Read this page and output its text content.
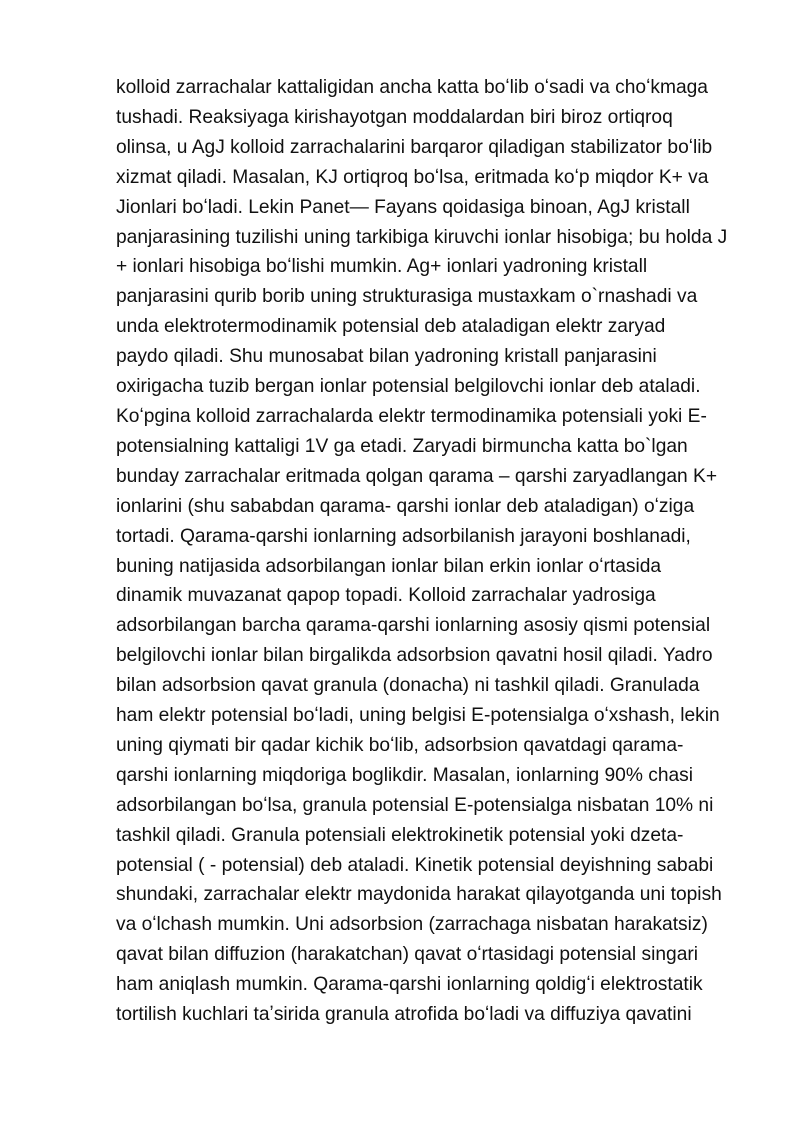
kolloid zarrachalar kattaligidan ancha katta boʻlib oʻsadi va choʻkmaga
tushadi. Reaksiyaga kirishayotgan moddalardan biri biroz ortiqroq
olinsa, u AgJ kolloid zarrachalarini barqaror qiladigan stabilizator boʻlib
xizmat qiladi. Masalan, KJ ortiqroq boʻlsa, eritmada koʻp miqdor K+ va
Jionlari boʻladi. Lekin Panet— Fayans qoidasiga binoan, AgJ kristall
panjarasining tuzilishi uning tarkibiga kiruvchi ionlar hisobiga; bu holda J
+ ionlari hisobiga boʻlishi mumkin. Ag+ ionlari yadroning kristall
panjarasini qurib borib uning strukturasiga mustaxkam o`rnashadi va
unda elektrotermodinamik potensial deb ataladigan elektr zaryad
paydo qiladi. Shu munosabat bilan yadroning kristall panjarasini
oxirigacha tuzib bergan ionlar potensial belgilovchi ionlar deb ataladi.
Koʻpgina kolloid zarrachalarda elektr termodinamika potensiali yoki E-
potensialning kattaligi 1V ga etadi. Zaryadi birmuncha katta bo`lgan
bunday zarrachalar eritmada qolgan qarama – qarshi zaryadlangan K+
ionlarini (shu sababdan qarama- qarshi ionlar deb ataladigan) oʻziga
tortadi. Qarama-qarshi ionlarning adsorbilanish jarayoni boshlanadi,
buning natijasida adsorbilangan ionlar bilan erkin ionlar oʻrtasida
dinamik muvazanat qapop topadi. Kolloid zarrachalar yadrosiga
adsorbilangan barcha qarama-qarshi ionlarning asosiy qismi potensial
belgilovchi ionlar bilan birgalikda adsorbsion qavatni hosil qiladi. Yadro
bilan adsorbsion qavat granula (donacha) ni tashkil qiladi. Granulada
ham elektr potensial boʻladi, uning belgisi E-potensialga oʻxshash, lekin
uning qiymati bir qadar kichik boʻlib, adsorbsion qavatdagi qarama-
qarshi ionlarning miqdoriga boglikdir. Masalan, ionlarning 90% chasi
adsorbilangan boʻlsa, granula potensial E-potensialga nisbatan 10% ni
tashkil qiladi. Granula potensiali elektrokinetik potensial yoki dzeta-
potensial ( - potensial) deb ataladi. Kinetik potensial deyishning sababi
shundaki, zarrachalar elektr maydonida harakat qilayotganda uni topish
va oʻlchash mumkin. Uni adsorbsion (zarrachaga nisbatan harakatsiz)
qavat bilan diffuzion (harakatchan) qavat oʻrtasidagi potensial singari
ham aniqlash mumkin. Qarama-qarshi ionlarning qoldigʻi elektrostatik
tortilish kuchlari taʼsirida granula atrofida boʻladi va diffuziya qavatini
